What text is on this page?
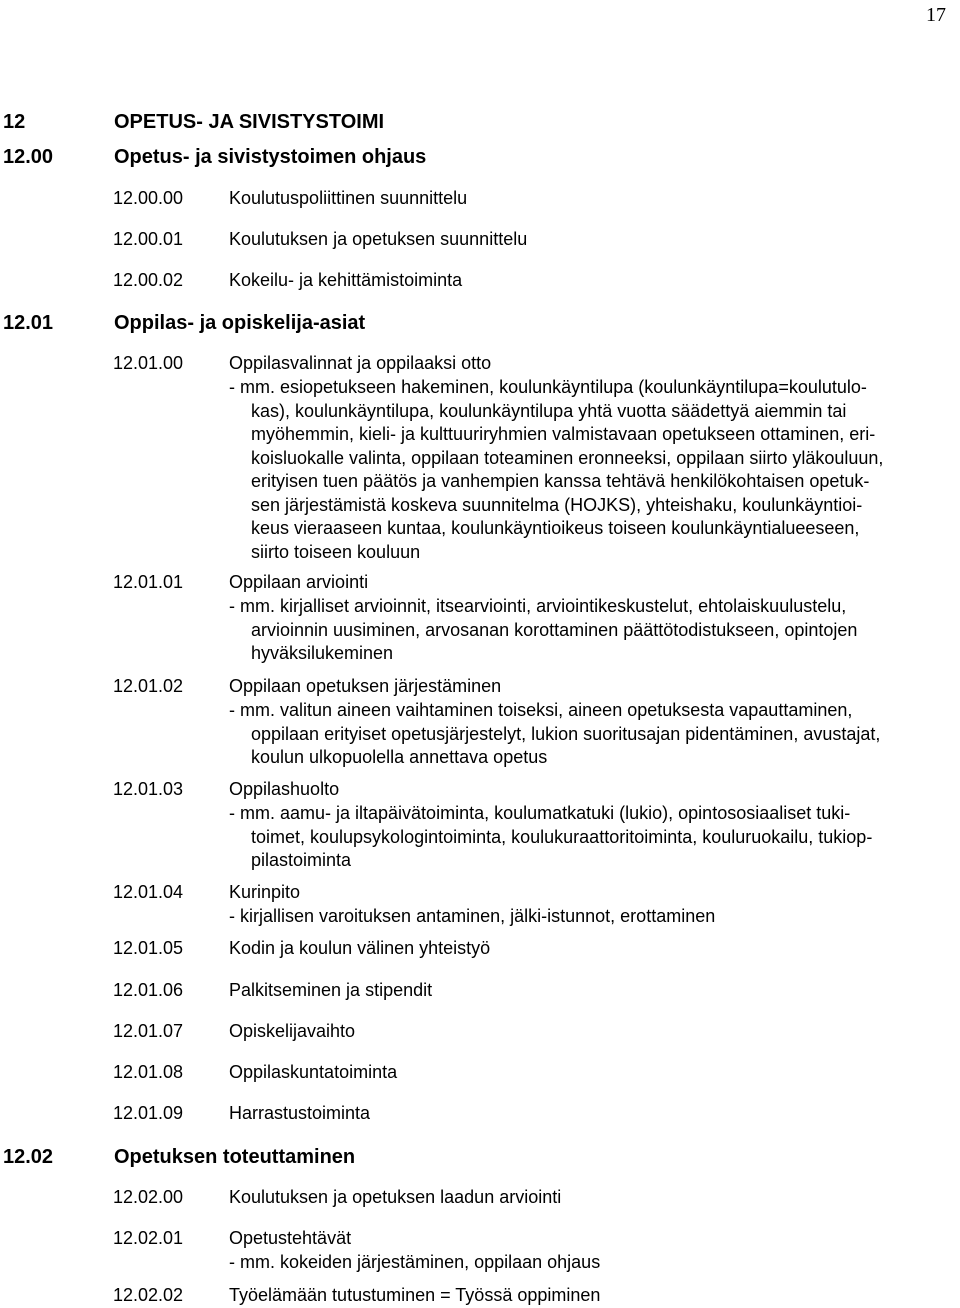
17
12	OPETUS- JA SIVISTYSTOIMI
12.00	Opetus- ja sivistystoimen ohjaus
12.00.00	Koulutuspoliittinen suunnittelu
12.00.01	Koulutuksen ja opetuksen suunnittelu
12.00.02	Kokeilu- ja kehittämistoiminta
12.01	Oppilas- ja opiskelija-asiat
12.01.00	Oppilasvalinnat ja oppilaaksi otto
- mm. esiopetukseen hakeminen, koulunkäyntilupa (koulunkäyntilupa=koulutulo-
kas), koulunkäyntilupa, koulunkäyntilupa yhtä vuotta säädettyä aiemmin tai
myöhemmin, kieli- ja kulttuuriryhmien valmistavaan opetukseen ottaminen, eri-
koisluokalle valinta, oppilaan toteaminen eronneeksi, oppilaan siirto yläkouluun,
erityisen tuen päätös ja vanhempien kanssa tehtävä henkilökohtaisen opetuk-
sen järjestämistä koskeva suunnitelma (HOJKS), yhteishaku, koulunkäyntioi-
keus vieraaseen kuntaa, koulunkäyntioikeus toiseen koulunkäyntialueeseen,
siirto toiseen kouluun
12.01.01	Oppilaan arviointi
- mm. kirjalliset arvioinnit, itsearviointi, arviointikeskustelut, ehtolaiskuulustelu,
arvioinnin uusiminen, arvosanan korottaminen päättötodistukseen, opintojen
hyväksilukeminen
12.01.02	Oppilaan opetuksen järjestäminen
- mm. valitun aineen vaihtaminen toiseksi, aineen opetuksesta vapauttaminen,
oppilaan erityiset opetusjärjestelyt, lukion suoritusajan pidentäminen, avustajat,
koulun ulkopuolella annettava opetus
12.01.03	Oppilashuolto
- mm. aamu- ja iltapäivätoiminta, koulumatkatuki (lukio), opintososiaaliset tuki-
toimet, koulupsykologintoiminta, koulukuraattoritoiminta, kouluruokailu, tukiop-
pilastoiminta
12.01.04	Kurinpito
- kirjallisen varoituksen antaminen, jälki-istunnot, erottaminen
12.01.05	Kodin ja koulun välinen yhteistyö
12.01.06	Palkitseminen ja stipendit
12.01.07	Opiskelijavaihto
12.01.08	Oppilaskuntatoiminta
12.01.09	Harrastustoiminta
12.02	Opetuksen toteuttaminen
12.02.00	Koulutuksen ja opetuksen laadun arviointi
12.02.01	Opetustehtävät
- mm. kokeiden järjestäminen, oppilaan ohjaus
12.02.02	Työelämään tutustuminen = Työssä oppiminen
